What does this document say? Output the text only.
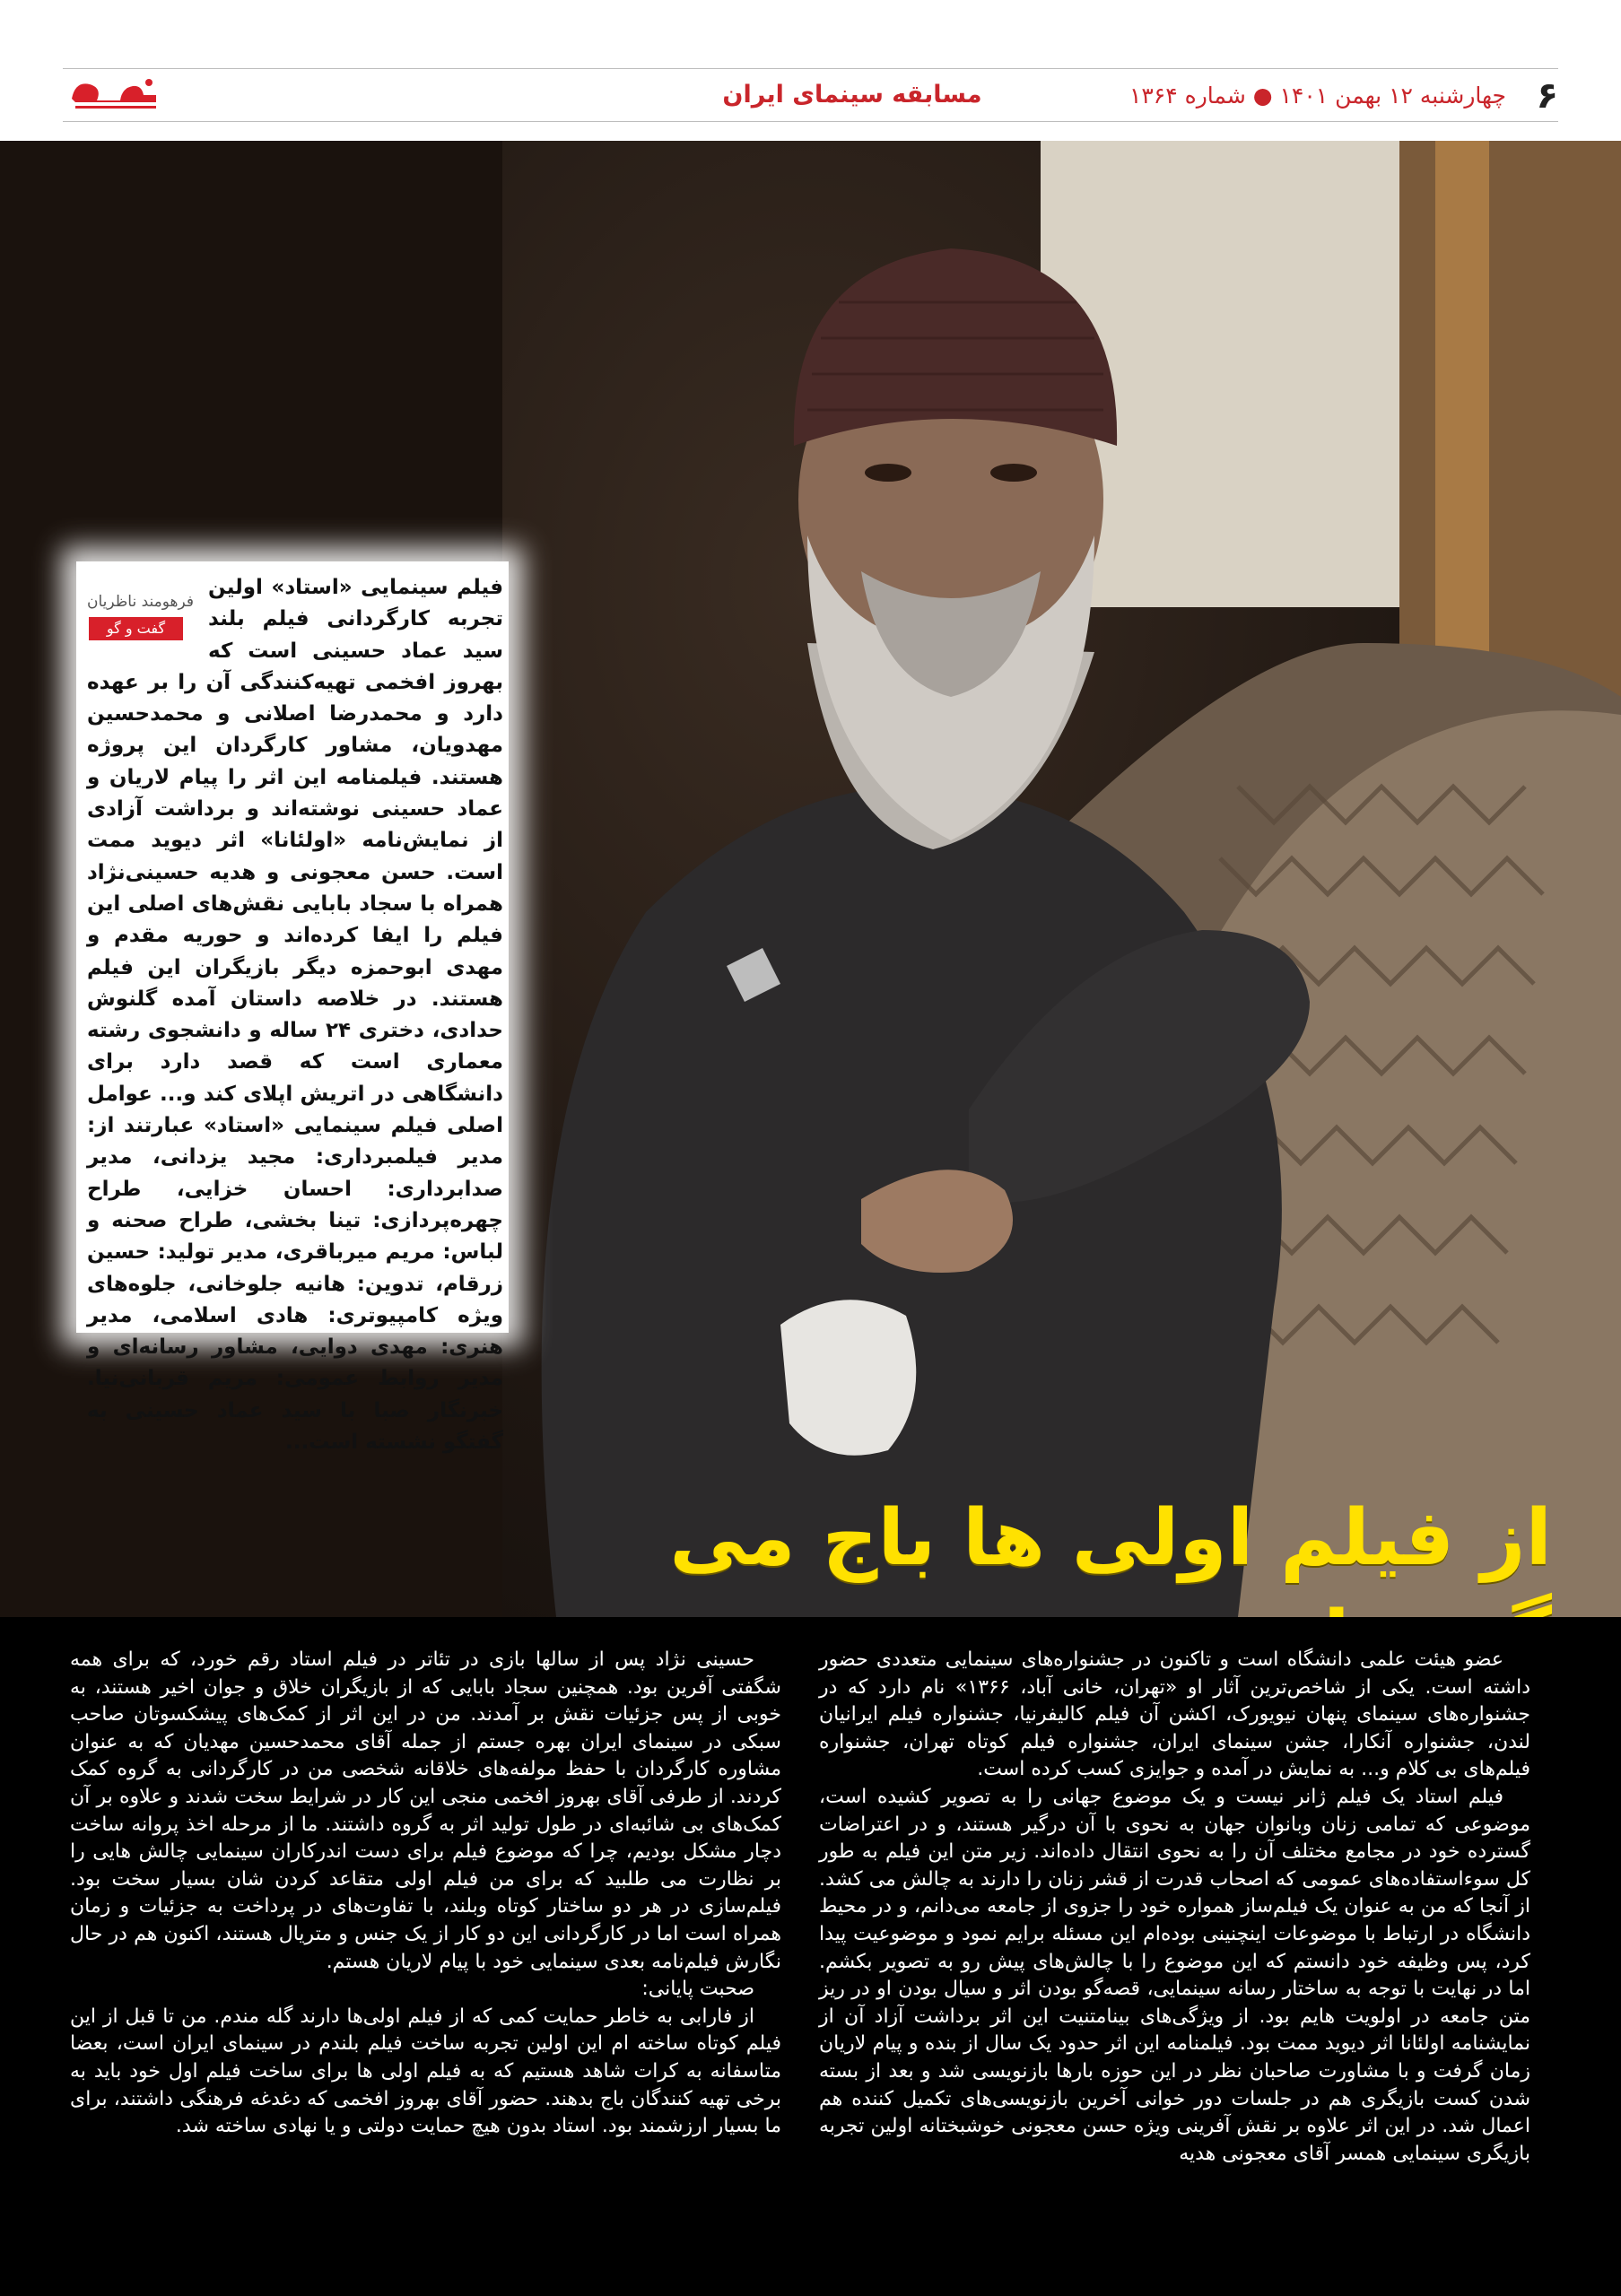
۶
چهارشنبه ۱۲ بهمن ۱۴۰۱ ● شماره ۱۳۶۴
مسابقه سینمای ایران
فرهومند ناظریان
گفت و گو
فیلم سینمایی «استاد» اولین تجربه کارگردانی فیلم بلند سید عماد حسینی است که بهروز افخمی تهیه‌کنندگی آن را بر عهده دارد و محمدرضا اصلانی و محمدحسین مهدویان، مشاور کارگردان این پروژه هستند. فیلمنامه این اثر را پیام لاریان و عماد حسینی نوشته‌اند و برداشت آزادی از نمایش‌نامه «اولئانا» اثر دیوید ممت است. حسن معجونی و هدیه حسینی‌نژاد همراه با سجاد بابایی نقش‌های اصلی این فیلم را ایفا کرده‌اند و حوریه مقدم و مهدی ابوحمزه دیگر بازیگران این فیلم هستند. در خلاصه داستان آمده گلنوش حدادی، دختری ۲۴ ساله و دانشجوی رشته معماری است که قصد دارد برای دانشگاهی در اتریش اپلای کند و... عوامل اصلی فیلم سینمایی «استاد» عبارتند از: مدیر فیلمبرداری: مجید یزدانی، مدیر صدابرداری: احسان خزایی، طراح چهره‌پردازی: تینا بخشی، طراح صحنه و لباس: مریم میرباقری، مدیر تولید: حسین زرقام، تدوین: هانیه جلوخانی، جلوه‌های ویژه کامپیوتری: هادی اسلامی، مدیر هنری: مهدی دوایی، مشاور رسانه‌ای و مدیر روابط عمومی: مریم قربانی‌نیا. خبرنگار صبا با سید عماد حسینی به گفتگو نشسته است...
از فیلم اولی ها باج می

عضو هیئت علمی دانشگاه است و تاکنون در جشنواره‌های سینمایی متعددی حضور داشته است. یکی از شاخص‌ترین آثار او «تهران، خانی آباد، ۱۳۶۶» نام دارد که در جشنواره‌های سینمای پنهان نیویورک، اکشن آن فیلم کالیفرنیا، جشنواره فیلم ایرانیان لندن، جشنواره آنکارا، جشن سینمای ایران، جشنواره فیلم کوتاه تهران، جشنواره فیلم‌های بی کلام و... به نمایش در آمده و جوایزی کسب کرده است.

فیلم استاد یک فیلم ژانر نیست و یک موضوع جهانی را به تصویر کشیده است، موضوعی که تمامی زنان وبانوان جهان به نحوی با آن درگیر هستند، و در اعتراضات گسترده خود در مجامع مختلف آن را به نحوی انتقال داده‌اند. زیر متن این فیلم به طور کل سوءاستفاده‌های عمومی که اصحاب قدرت از قشر زنان را دارند به چالش می کشد. از آنجا که من به عنوان یک فیلم‌ساز همواره خود را جزوی از جامعه می‌دانم، و در محیط دانشگاه در ارتباط با موضوعات اینچنینی بوده‌ام این مسئله برایم نمود و موضوعیت پیدا کرد، پس وظیفه خود دانستم که این موضوع را با چالش‌های پیش رو به تصویر بکشم. اما در نهایت با توجه به ساختار رسانه سینمایی، قصه‌گو بودن اثر و سیال بودن او در ریز متن جامعه در اولویت هایم بود. از ویژگی‌های بینامتنیت این اثر برداشت آزاد آن از نمایشنامه اولئانا اثر دیوید ممت بود. فیلمنامه این اثر حدود یک سال از بنده و پیام لاریان زمان گرفت و با مشاورت صاحبان نظر در این حوزه بارها بازنویسی شد و بعد از بسته شدن کست بازیگری هم در جلسات دور خوانی آخرین بازنویسی‌های تکمیل کننده هم اعمال شد. در این اثر علاوه بر نقش آفرینی ویژه حسن معجونی خوشبختانه اولین تجربه بازیگری سینمایی همسر آقای معجونی هدیه

حسینی نژاد پس از سالها بازی در تئاتر در فیلم استاد رقم خورد، که برای همه شگفتی آفرین بود. همچنین سجاد بابایی که از بازیگران خلاق و جوان اخیر هستند، به خوبی از پس جزئیات نقش بر آمدند. من در این اثر از کمک‌های پیشکسوتان صاحب سبکی در سینمای ایران بهره جستم از جمله آقای محمدحسین مهدیان که به عنوان مشاوره کارگردان با حفظ مولفه‌های خلاقانه شخصی من در کارگردانی به گروه کمک کردند. از طرفی آقای بهروز افخمی منجی این کار در شرایط سخت شدند و علاوه بر آن کمک‌های بی شائبه‌ای در طول تولید اثر به گروه داشتند. ما از مرحله اخذ پروانه ساخت دچار مشکل بودیم، چرا که موضوع فیلم برای دست اندرکاران سینمایی چالش هایی را بر نظارت می طلبید که برای من فیلم اولی متقاعد کردن شان بسیار سخت بود. فیلم‌سازی در هر دو ساختار کوتاه وبلند، با تفاوت‌های در پرداخت به جزئیات و زمان همراه است اما در کارگردانی این دو کار از یک جنس و متریال هستند، اکنون هم در حال نگارش فیلم‌نامه بعدی سینمایی خود با پیام لاریان هستم.

صحبت پایانی:

از فارابی به خاطر حمایت کمی که از فیلم اولی‌ها دارند گله مندم. من تا قبل از این فیلم کوتاه ساخته ام این اولین تجربه ساخت فیلم بلندم در سینمای ایران است، بعضا متاسفانه به کرات شاهد هستیم که به فیلم اولی ها برای ساخت فیلم اول خود باید به برخی تهیه کنندگان باج بدهند. حضور آقای بهروز افخمی که دغدغه فرهنگی داشتند، برای ما بسیار ارزشمند بود. استاد بدون هیچ حمایت دولتی و یا نهادی ساخته شد.
